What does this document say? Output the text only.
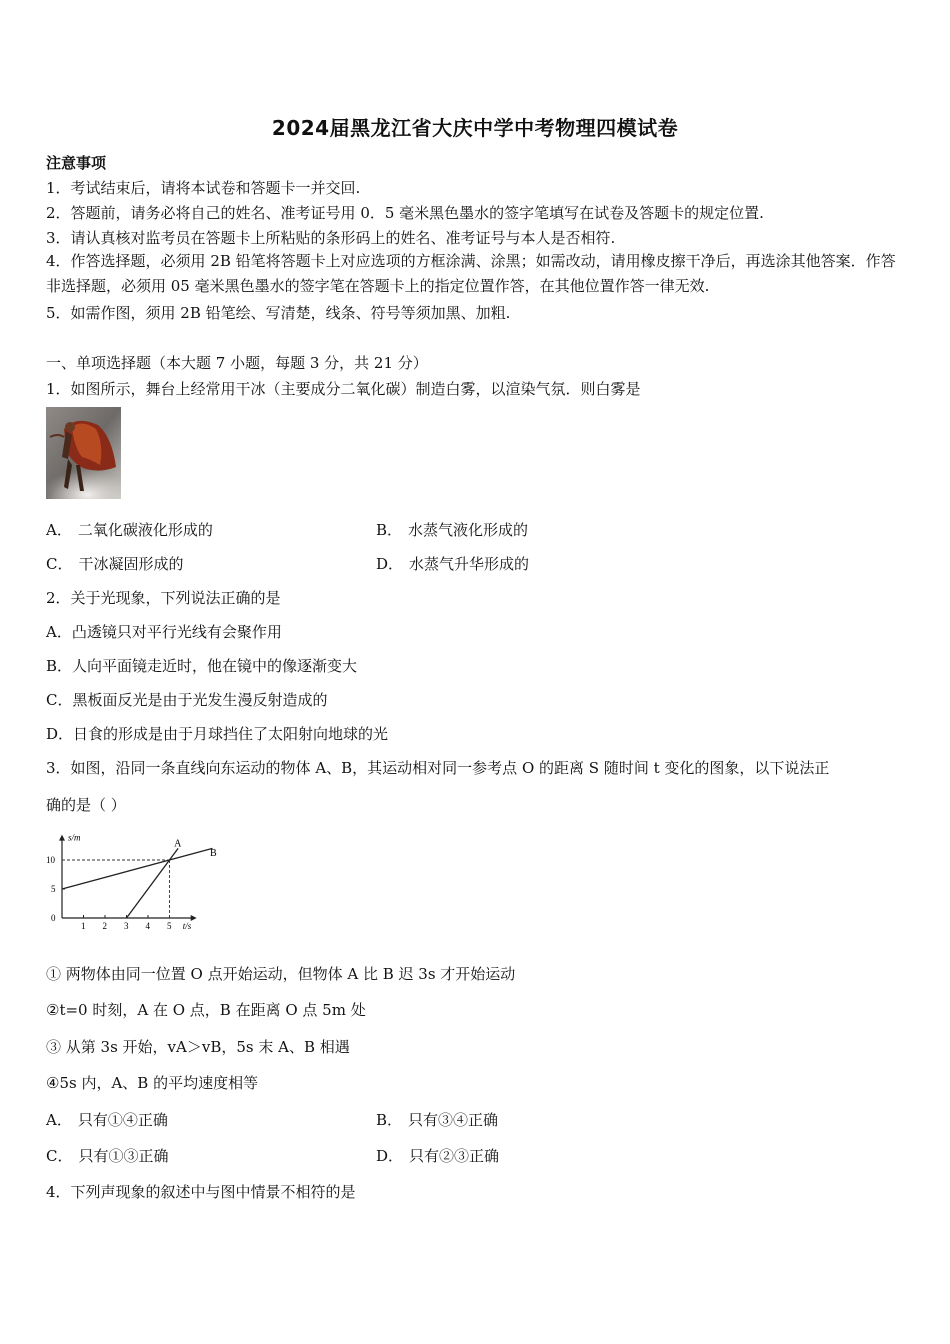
2024届黑龙江省大庆中学中考物理四模试卷
注意事项
1．考试结束后，请将本试卷和答题卡一并交回.
2．答题前，请务必将自己的姓名、准考证号用 0．5 毫米黑色墨水的签字笔填写在试卷及答题卡的规定位置.
3．请认真核对监考员在答题卡上所粘贴的条形码上的姓名、准考证号与本人是否相符.
4．作答选择题，必须用 2B 铅笔将答题卡上对应选项的方框涂满、涂黑；如需改动，请用橡皮擦干净后，再选涂其他答案．作答非选择题，必须用 05 毫米黑色墨水的签字笔在答题卡上的指定位置作答，在其他位置作答一律无效.
5．如需作图，须用 2B 铅笔绘、写清楚，线条、符号等须加黑、加粗.
一、单项选择题（本大题 7 小题，每题 3 分，共 21 分）
1．如图所示，舞台上经常用干冰（主要成分二氧化碳）制造白雾，以渲染气氛．则白雾是
A． 二氧化碳液化形成的	B． 水蒸气液化形成的
C． 干冰凝固形成的	D． 水蒸气升华形成的
2．关于光现象，下列说法正确的是
A．凸透镜只对平行光线有会聚作用
B．人向平面镜走近时，他在镜中的像逐渐变大
C．黑板面反光是由于光发生漫反射造成的
D．日食的形成是由于月球挡住了太阳射向地球的光
3．如图，沿同一条直线向东运动的物体 A、B，其运动相对同一参考点 O 的距离 S 随时间 t 变化的图象，以下说法正
确的是（ ）
s/m
t/s
1 2 3 4 5
0
5
10
A
B
① 两物体由同一位置 O 点开始运动，但物体 A 比 B 迟 3s 才开始运动
②t=0 时刻，A 在 O 点，B 在距离 O 点 5m 处
③ 从第 3s 开始，vA＞vB，5s 末 A、B 相遇
④5s 内，A、B 的平均速度相等
A． 只有①④正确	B． 只有③④正确
C． 只有①③正确	D． 只有②③正确
4．下列声现象的叙述中与图中情景不相符的是
